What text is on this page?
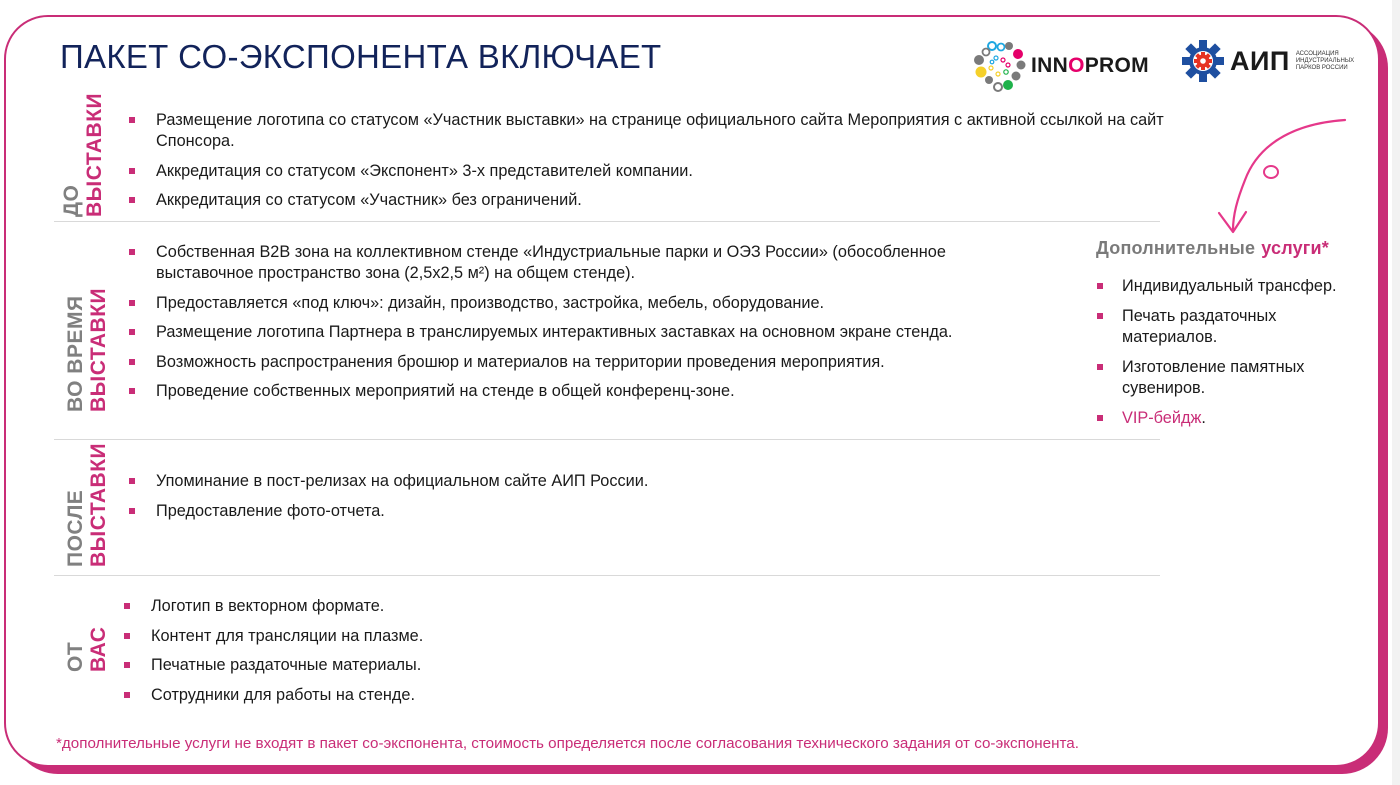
ПАКЕТ СО-ЭКСПОНЕНТА ВКЛЮЧАЕТ	INNOPROM	АИП АССОЦИАЦИЯ
ИНДУСТРИАЛЬНЫХ
ПАРКОВ РОССИИ
ДО
ВЫСТАВКИ	Размещение логотипа со статусом «Участник выставки» на странице официального сайта Мероприятия с активной ссылкой на сайт Спонсора.
Аккредитация со статусом «Экспонент» 3-х представителей компании.
Аккредитация со статусом «Участник» без ограничений.
ВО ВРЕМЯ
ВЫСТАВКИ
Собственная B2B зона на коллективном стенде «Индустриальные парки и ОЭЗ России» (обособленное выставочное пространство зона (2,5х2,5 м²) на общем стенде).
Предоставляется «под ключ»: дизайн, производство, застройка, мебель, оборудование.
Размещение логотипа Партнера в транслируемых интерактивных заставках на основном экране стенда.
Возможность распространения брошюр и материалов на территории проведения мероприятия.
Проведение собственных мероприятий на стенде в общей конференц-зоне.
ПОСЛЕ
ВЫСТАВКИ	Упоминание в пост-релизах на официальном сайте АИП России.
Предоставление фото-отчета.
ОТ
ВАС
Логотип в векторном формате.
Контент для трансляции на плазме.
Печатные раздаточные материалы.
Сотрудники для работы на стенде.
Дополнительные услуги*
Индивидуальный трансфер.
Печать раздаточных материалов.
Изготовление памятных сувениров.
VIP-бейдж.
*дополнительные услуги не входят в пакет со-экспонента, стоимость определяется после согласования технического задания от со-экспонента.
